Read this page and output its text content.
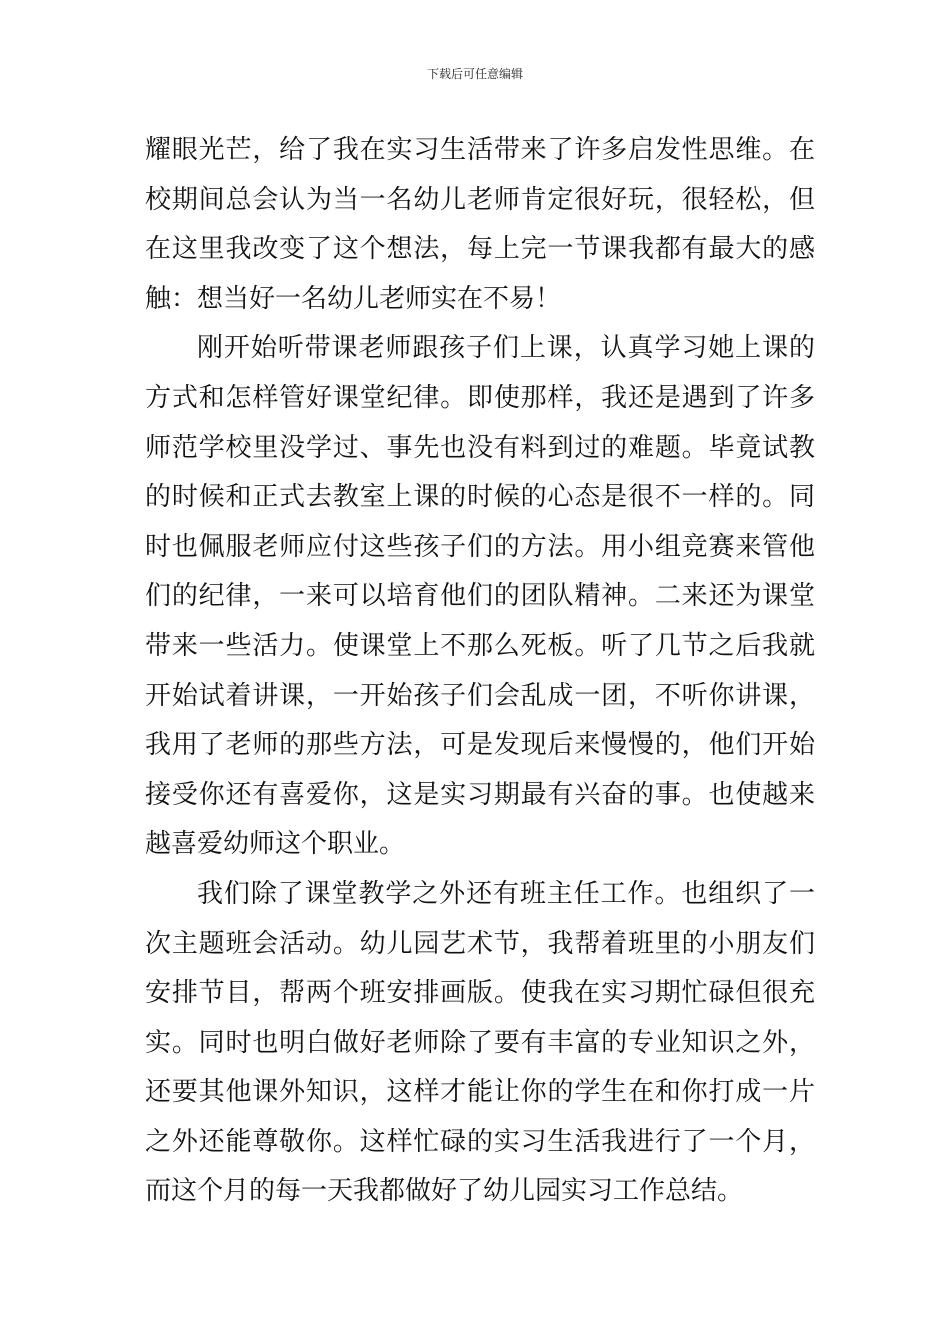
下载后可任意编辑
耀眼光芒，给了我在实习生活带来了许多启发性思维。在
校期间总会认为当一名幼儿老师肯定很好玩，很轻松，但
在这里我改变了这个想法，每上完一节课我都有最大的感
触：想当好一名幼儿老师实在不易！
刚开始听带课老师跟孩子们上课，认真学习她上课的
方式和怎样管好课堂纪律。即使那样，我还是遇到了许多
师范学校里没学过、事先也没有料到过的难题。毕竟试教
的时候和正式去教室上课的时候的心态是很不一样的。同
时也佩服老师应付这些孩子们的方法。用小组竞赛来管他
们的纪律，一来可以培育他们的团队精神。二来还为课堂
带来一些活力。使课堂上不那么死板。听了几节之后我就
开始试着讲课，一开始孩子们会乱成一团，不听你讲课，
我用了老师的那些方法，可是发现后来慢慢的，他们开始
接受你还有喜爱你，这是实习期最有兴奋的事。也使越来
越喜爱幼师这个职业。
我们除了课堂教学之外还有班主任工作。也组织了一
次主题班会活动。幼儿园艺术节，我帮着班里的小朋友们
安排节目，帮两个班安排画版。使我在实习期忙碌但很充
实。同时也明白做好老师除了要有丰富的专业知识之外，
还要其他课外知识，这样才能让你的学生在和你打成一片
之外还能尊敬你。这样忙碌的实习生活我进行了一个月，
而这个月的每一天我都做好了幼儿园实习工作总结。
